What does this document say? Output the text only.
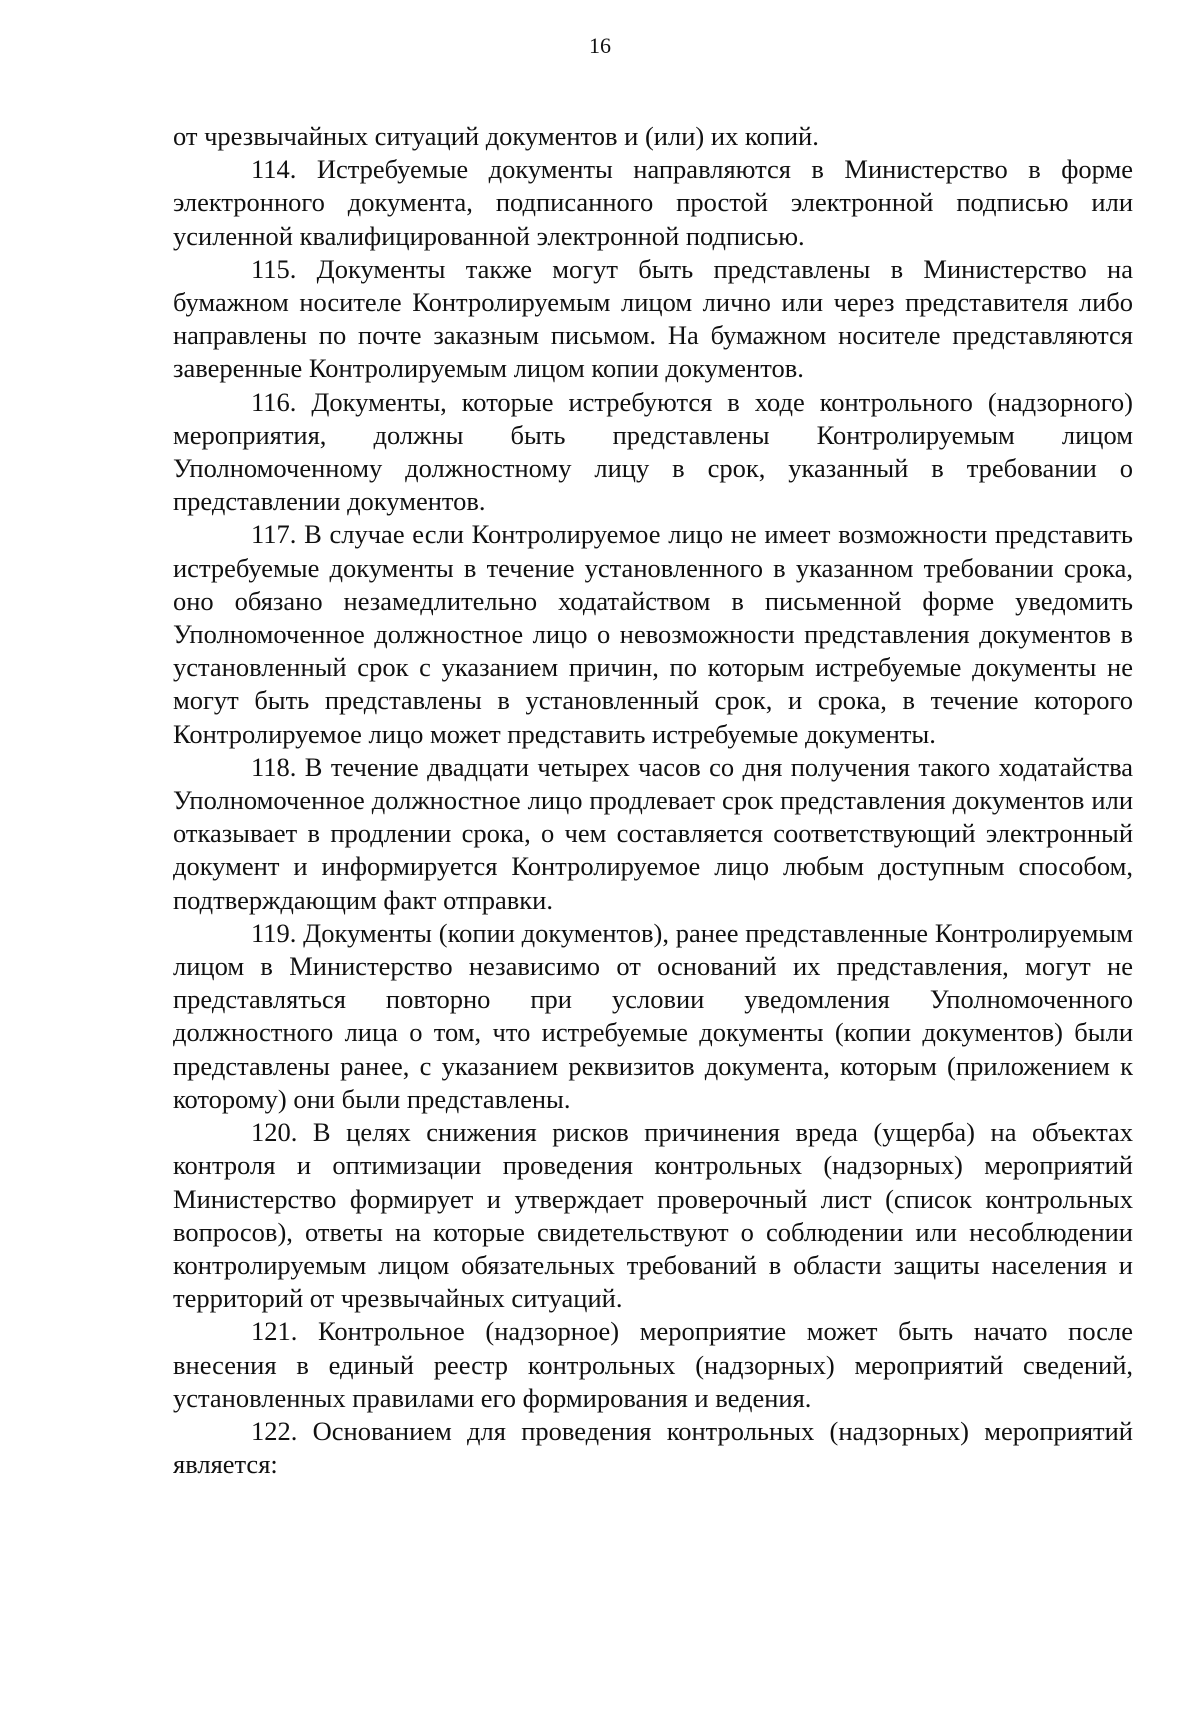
16

от чрезвычайных ситуаций документов и (или) их копий.

114. Истребуемые документы направляются в Министерство в форме электронного документа, подписанного простой электронной подписью или усиленной квалифицированной электронной подписью.

115. Документы также могут быть представлены в Министерство на бумажном носителе Контролируемым лицом лично или через представителя либо направлены по почте заказным письмом. На бумажном носителе представляются заверенные Контролируемым лицом копии документов.

116. Документы, которые истребуются в ходе контрольного (надзорного) мероприятия, должны быть представлены Контролируемым лицом Уполномоченному должностному лицу в срок, указанный в требовании о представлении документов.

117. В случае если Контролируемое лицо не имеет возможности представить истребуемые документы в течение установленного в указанном требовании срока, оно обязано незамедлительно ходатайством в письменной форме уведомить Уполномоченное должностное лицо о невозможности представления документов в установленный срок с указанием причин, по которым истребуемые документы не могут быть представлены в установленный срок, и срока, в течение которого Контролируемое лицо может представить истребуемые документы.

118. В течение двадцати четырех часов со дня получения такого ходатайства Уполномоченное должностное лицо продлевает срок представления документов или отказывает в продлении срока, о чем составляется соответствующий электронный документ и информируется Контролируемое лицо любым доступным способом, подтверждающим факт отправки.

119. Документы (копии документов), ранее представленные Контролируемым лицом в Министерство независимо от оснований их представления, могут не представляться повторно при условии уведомления Уполномоченного должностного лица о том, что истребуемые документы (копии документов) были представлены ранее, с указанием реквизитов документа, которым (приложением к которому) они были представлены.

120. В целях снижения рисков причинения вреда (ущерба) на объектах контроля и оптимизации проведения контрольных (надзорных) мероприятий Министерство формирует и утверждает проверочный лист (список контрольных вопросов), ответы на которые свидетельствуют о соблюдении или несоблюдении контролируемым лицом обязательных требований в области защиты населения и территорий от чрезвычайных ситуаций.

121. Контрольное (надзорное) мероприятие может быть начато после внесения в единый реестр контрольных (надзорных) мероприятий сведений, установленных правилами его формирования и ведения.

122. Основанием для проведения контрольных (надзорных) мероприятий является:
